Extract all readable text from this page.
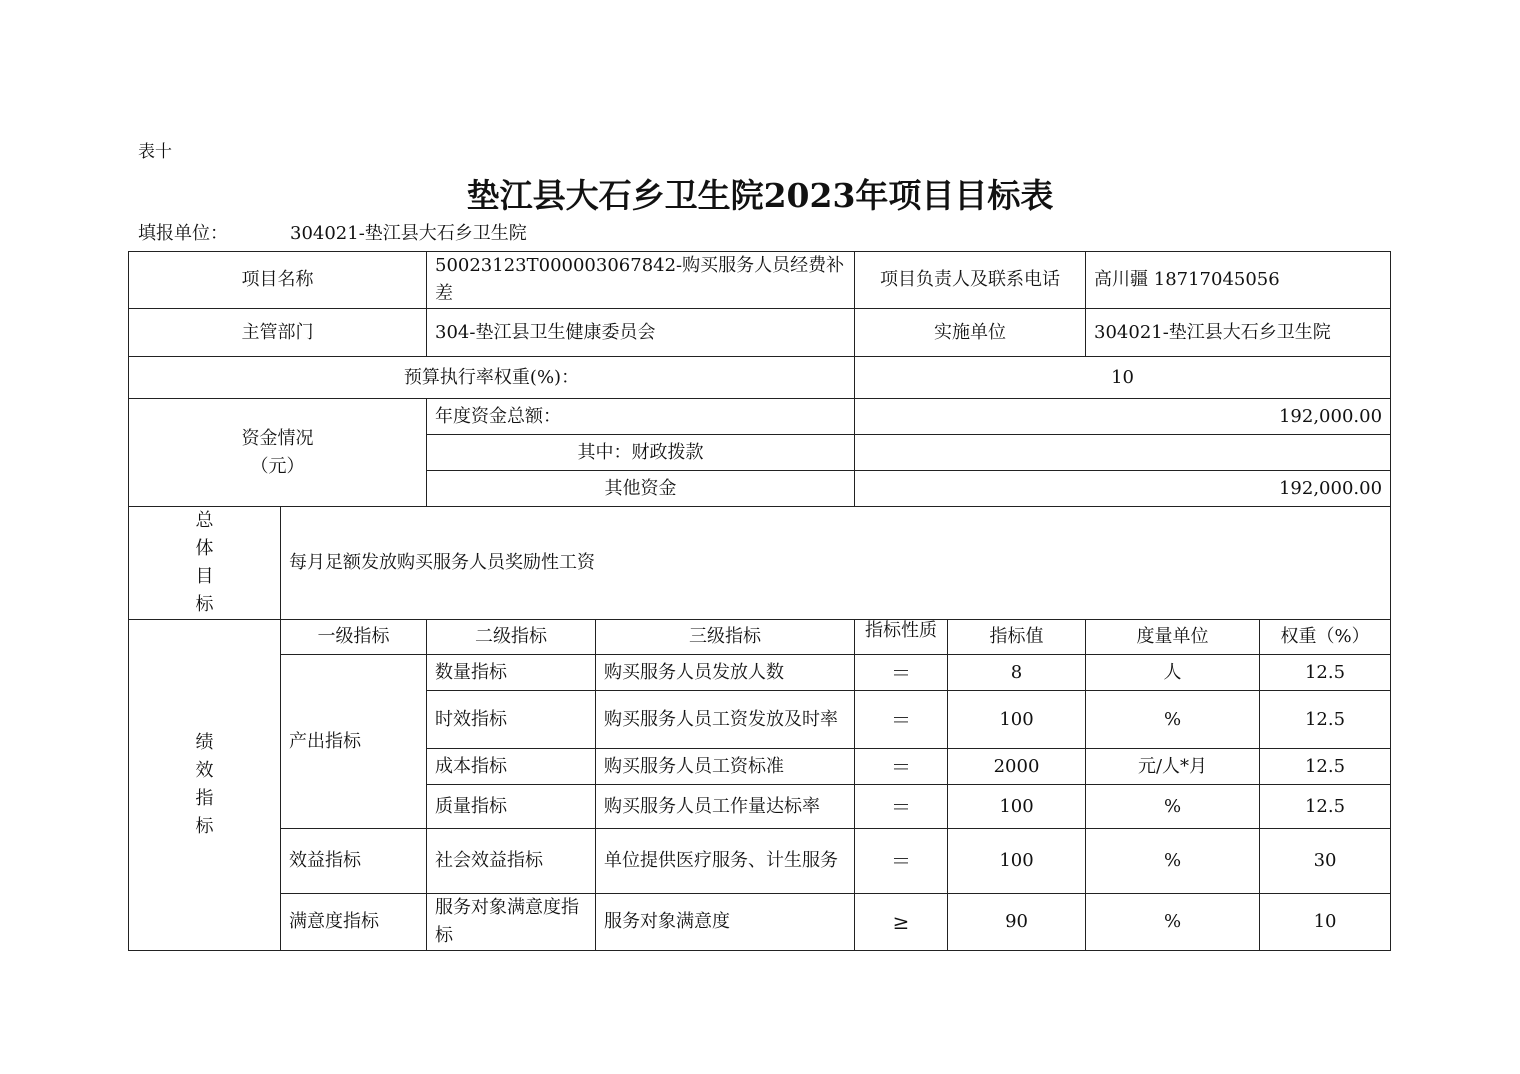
表十
垫江县大石乡卫生院2023年项目目标表
填报单位：	304021-垫江县大石乡卫生院
项目名称		50023123T000003067842-购买服务人员经费补差		项目负责人及联系电话		高川疆 18717045056	
主管部门		304-垫江县卫生健康委员会		实施单位		304021-垫江县大石乡卫生院	
预算执行率权重(%)：				10			

资金情况
（元）		年度资金总额：		192,000.00			
		其中：财政拨款					
		其他资金		192,000.00			

总
体
目
标	每月足额发放购买服务人员奖励性工资						

绩
效
指
标	一级指标	二级指标	三级指标	指标性质	指标值	度量单位	权重（%）
	产出指标	数量指标	购买服务人员发放人数	＝	8	人	12.5
		时效指标	购买服务人员工资发放及时率	＝	100	%	12.5
		成本指标	购买服务人员工资标准	＝	2000	元/人*月	12.5
		质量指标	购买服务人员工作量达标率	＝	100	%	12.5
	效益指标	社会效益指标	单位提供医疗服务、计生服务	＝	100	%	30
	满意度指标	服务对象满意度指标	服务对象满意度	≥	90	%	10
